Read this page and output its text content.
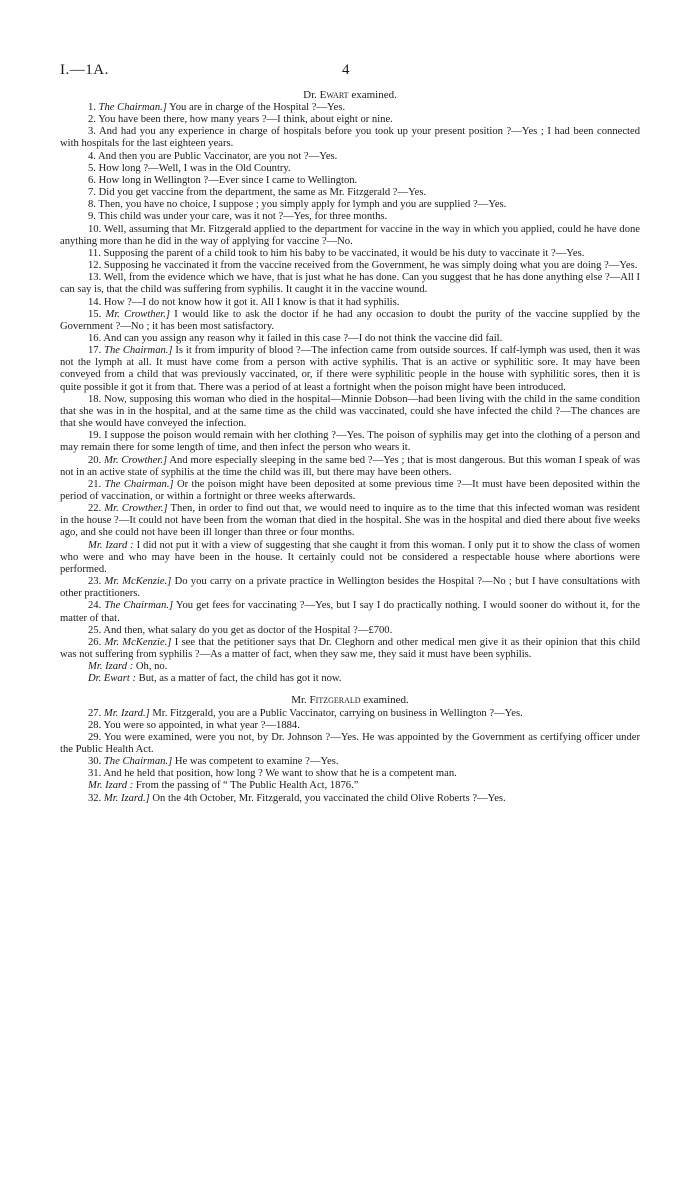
I.—1A.	4

Dr. Ewart examined.

1. The Chairman.] You are in charge of the Hospital ?—Yes.

2. You have been there, how many years ?—I think, about eight or nine.

3. And had you any experience in charge of hospitals before you took up your present position ?—Yes ; I had been connected with hospitals for the last eighteen years.

4. And then you are Public Vaccinator, are you not ?—Yes.

5. How long ?—Well, I was in the Old Country.

6. How long in Wellington ?—Ever since I came to Wellington.

7. Did you get vaccine from the department, the same as Mr. Fitzgerald ?—Yes.

8. Then, you have no choice, I suppose ; you simply apply for lymph and you are supplied ?—Yes.

9. This child was under your care, was it not ?—Yes, for three months.

10. Well, assuming that Mr. Fitzgerald applied to the department for vaccine in the way in which you applied, could he have done anything more than he did in the way of applying for vaccine ?—No.

11. Supposing the parent of a child took to him his baby to be vaccinated, it would be his duty to vaccinate it ?—Yes.

12. Supposing he vaccinated it from the vaccine received from the Government, he was simply doing what you are doing ?—Yes.

13. Well, from the evidence which we have, that is just what he has done. Can you suggest that he has done anything else ?—All I can say is, that the child was suffering from syphilis. It caught it in the vaccine wound.

14. How ?—I do not know how it got it. All I know is that it had syphilis.

15. Mr. Crowther.] I would like to ask the doctor if he had any occasion to doubt the purity of the vaccine supplied by the Government ?—No ; it has been most satisfactory.

16. And can you assign any reason why it failed in this case ?—I do not think the vaccine did fail.

17. The Chairman.] Is it from impurity of blood ?—The infection came from outside sources. If calf-lymph was used, then it was not the lymph at all. It must have come from a person with active syphilis. That is an active or syphilitic sore. It may have been conveyed from a child that was previously vaccinated, or, if there were syphilitic people in the house with syphilitic sores, then it is quite possible it got it from that. There was a period of at least a fortnight when the poison might have been introduced.

18. Now, supposing this woman who died in the hospital—Minnie Dobson—had been living with the child in the same condition that she was in in the hospital, and at the same time as the child was vaccinated, could she have infected the child ?—The chances are that she would have conveyed the infection.

19. I suppose the poison would remain with her clothing ?—Yes. The poison of syphilis may get into the clothing of a person and may remain there for some length of time, and then infect the person who wears it.

20. Mr. Crowther.] And more especially sleeping in the same bed ?—Yes ; that is most dangerous. But this woman I speak of was not in an active state of syphilis at the time the child was ill, but there may have been others.

21. The Chairman.] Or the poison might have been deposited at some previous time ?—It must have been deposited within the period of vaccination, or within a fortnight or three weeks afterwards.

22. Mr. Crowther.] Then, in order to find out that, we would need to inquire as to the time that this infected woman was resident in the house ?—It could not have been from the woman that died in the hospital. She was in the hospital and died there about five weeks ago, and she could not have been ill longer than three or four months.

Mr. Izard : I did not put it with a view of suggesting that she caught it from this woman. I only put it to show the class of women who were and who may have been in the house. It certainly could not be considered a respectable house where abortions were performed.

23. Mr. McKenzie.] Do you carry on a private practice in Wellington besides the Hospital ?—No ; but I have consultations with other practitioners.

24. The Chairman.] You get fees for vaccinating ?—Yes, but I say I do practically nothing. I would sooner do without it, for the matter of that.

25. And then, what salary do you get as doctor of the Hospital ?—£700.

26. Mr. McKenzie.] I see that the petitioner says that Dr. Cleghorn and other medical men give it as their opinion that this child was not suffering from syphilis ?—As a matter of fact, when they saw me, they said it must have been syphilis.

Mr. Izard : Oh, no.

Dr. Ewart : But, as a matter of fact, the child has got it now.

Mr. Fitzgerald examined.

27. Mr. Izard.] Mr. Fitzgerald, you are a Public Vaccinator, carrying on business in Wellington ?—Yes.

28. You were so appointed, in what year ?—1884.

29. You were examined, were you not, by Dr. Johnson ?—Yes. He was appointed by the Government as certifying officer under the Public Health Act.

30. The Chairman.] He was competent to examine ?—Yes.

31. And he held that position, how long ? We want to show that he is a competent man.

Mr. Izard : From the passing of “ The Public Health Act, 1876.”

32. Mr. Izard.] On the 4th October, Mr. Fitzgerald, you vaccinated the child Olive Roberts ?—Yes.
